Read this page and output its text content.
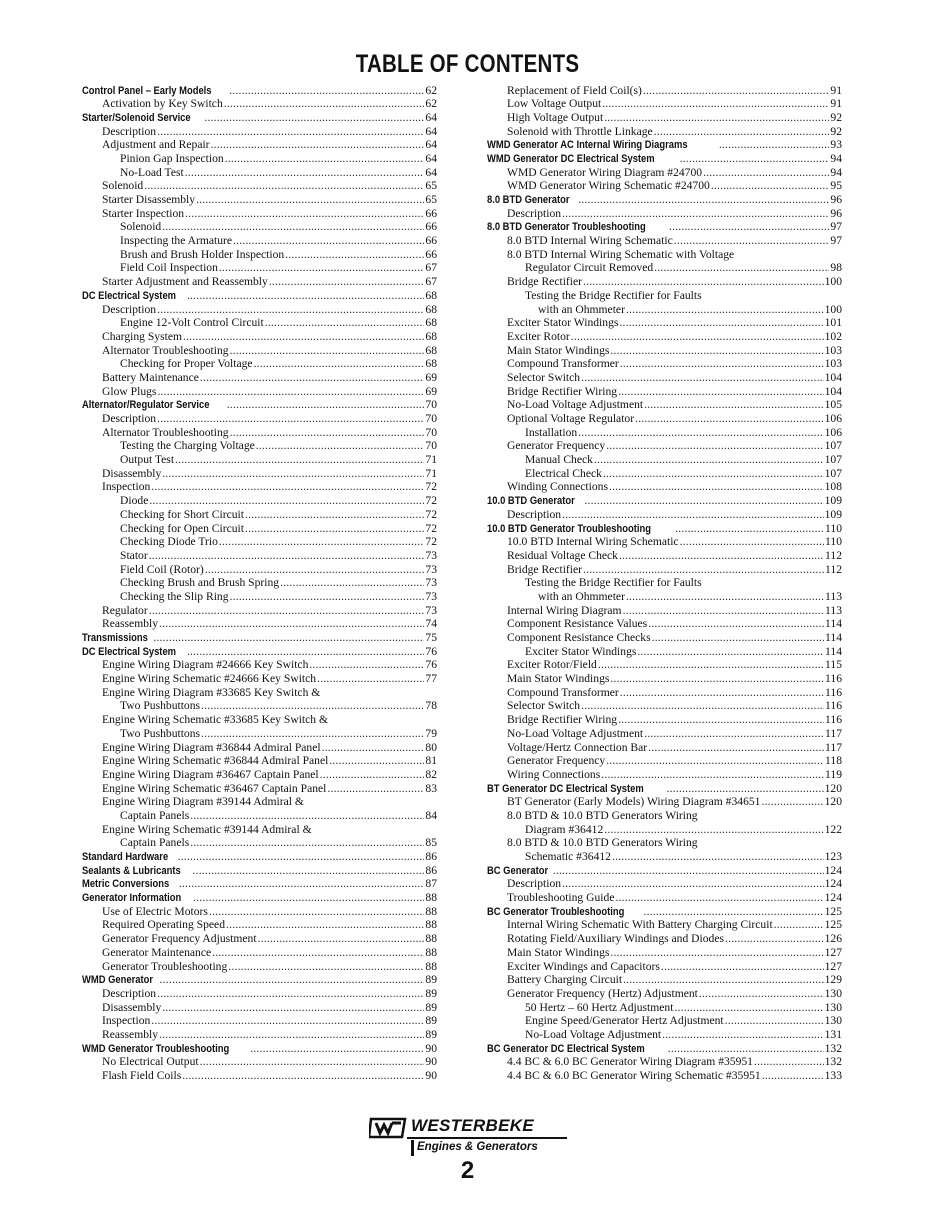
TABLE OF CONTENTS
Control Panel – Early Models .....	62
Activation by Key Switch .....	62
Starter/Solenoid Service .....	64
Description .....	64
Adjustment and Repair .....	64
Pinion Gap Inspection .....	64
No-Load Test .....	64
Solenoid .....	65
Starter Disassembly .....	65
Starter Inspection .....	66
Solenoid .....	66
Inspecting the Armature .....	66
Brush and Brush Holder Inspection .....	66
Field Coil Inspection .....	67
Starter Adjustment and Reassembly .....	67
DC Electrical System .....	68
Description .....	68
Engine 12-Volt Control Circuit .....	68
Charging System .....	68
Alternator Troubleshooting .....	68
Checking for Proper Voltage .....	68
Battery Maintenance .....	69
Glow Plugs .....	69
Alternator/Regulator Service .....	70
Description .....	70
Alternator Troubleshooting .....	70
Testing the Charging Voltage .....	70
Output Test .....	71
Disassembly .....	71
Inspection .....	72
Diode .....	72
Checking for Short Circuit .....	72
Checking for Open Circuit .....	72
Checking Diode Trio .....	72
Stator .....	73
Field Coil (Rotor) .....	73
Checking Brush and Brush Spring .....	73
Checking the Slip Ring .....	73
Regulator .....	73
Reassembly .....	74
Transmissions .....	75
DC Electrical System .....	76
Engine Wiring Diagram #24666 Key Switch .....	76
Engine Wiring Schematic #24666 Key Switch .....	77
Engine Wiring Diagram #33685 Key Switch &
Two Pushbuttons .....	78
Engine Wiring Schematic #33685 Key Switch &
Two Pushbuttons .....	79
Engine Wiring Diagram #36844 Admiral Panel .....	80
Engine Wiring Schematic #36844 Admiral Panel .....	81
Engine Wiring Diagram #36467 Captain Panel .....	82
Engine Wiring Schematic #36467 Captain Panel .....	83
Engine Wiring Diagram #39144 Admiral &
Captain Panels .....	84
Engine Wiring Schematic #39144 Admiral &
Captain Panels .....	85
Standard Hardware .....	86
Sealants & Lubricants .....	86
Metric Conversions .....	87
Generator Information .....	88
Use of Electric Motors .....	88
Required Operating Speed .....	88
Generator Frequency Adjustment .....	88
Generator Maintenance .....	88
Generator Troubleshooting .....	88
WMD Generator .....	89
Description .....	89
Disassembly .....	89
Inspection .....	89
Reassembly .....	89
WMD Generator Troubleshooting .....	90
No Electrical Output .....	90
Flash Field Coils .....	90
Replacement of Field Coil(s) .....	91
Low Voltage Output .....	91
High Voltage Output .....	92
Solenoid with Throttle Linkage .....	92
WMD Generator AC Internal Wiring Diagrams .....	93
WMD Generator DC Electrical System .....	94
WMD Generator Wiring Diagram #24700 .....	94
WMD Generator Wiring Schematic #24700 .....	95
8.0 BTD Generator .....	96
Description .....	96
8.0 BTD Generator Troubleshooting .....	97
8.0 BTD Internal Wiring Schematic .....	97
8.0 BTD Internal Wiring Schematic with Voltage
Regulator Circuit Removed .....	98
Bridge Rectifier .....	100
Testing the Bridge Rectifier for Faults
with an Ohmmeter .....	100
Exciter Stator Windings .....	101
Exciter Rotor .....	102
Main Stator Windings .....	103
Compound Transformer .....	103
Selector Switch .....	104
Bridge Rectifier Wiring .....	104
No-Load Voltage Adjustment .....	105
Optional Voltage Regulator .....	106
Installation .....	106
Generator Frequency .....	107
Manual Check .....	107
Electrical Check .....	107
Winding Connections .....	108
10.0 BTD Generator .....	109
Description .....	109
10.0 BTD Generator Troubleshooting .....	110
10.0 BTD Internal Wiring Schematic .....	110
Residual Voltage Check .....	112
Bridge Rectifier .....	112
Testing the Bridge Rectifier for Faults
with an Ohmmeter .....	113
Internal Wiring Diagram .....	113
Component Resistance Values .....	114
Component Resistance Checks .....	114
Exciter Stator Windings .....	114
Exciter Rotor/Field .....	115
Main Stator Windings .....	116
Compound Transformer .....	116
Selector Switch .....	116
Bridge Rectifier Wiring .....	116
No-Load Voltage Adjustment .....	117
Voltage/Hertz Connection Bar .....	117
Generator Frequency .....	118
Wiring Connections .....	119
BT Generator DC Electrical System .....	120
BT Generator (Early Models) Wiring Diagram #34651 .....	120
8.0 BTD & 10.0 BTD Generators Wiring
Diagram #36412 .....	122
8.0 BTD & 10.0 BTD Generators Wiring
Schematic #36412 .....	123
BC Generator .....	124
Description .....	124
Troubleshooting Guide .....	124
BC Generator Troubleshooting .....	125
Internal Wiring Schematic With Battery Charging Circuit .....	125
Rotating Field/Auxiliary Windings and Diodes .....	126
Main Stator Windings .....	127
Exciter Windings and Capacitors .....	127
Battery Charging Circuit .....	129
Generator Frequency (Hertz) Adjustment .....	130
50 Hertz – 60 Hertz Adjustment .....	130
Engine Speed/Generator Hertz Adjustment .....	130
No-Load Voltage Adjustment .....	131
BC Generator DC Electrical System .....	132
4.4 BC & 6.0 BC Generator Wiring Diagram #35951 .....	132
4.4 BC & 6.0 BC Generator Wiring Schematic #35951 .....	133
WESTERBEKE
Engines & Generators
2
